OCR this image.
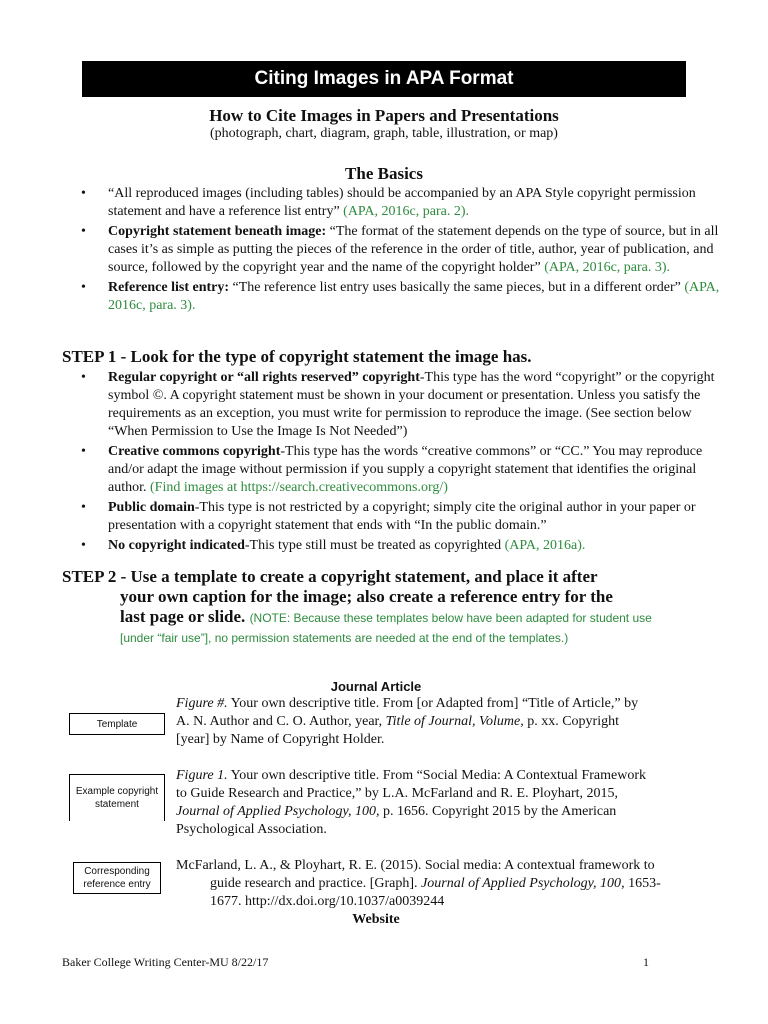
Citing Images in APA Format
How to Cite Images in Papers and Presentations
(photograph, chart, diagram, graph, table, illustration, or map)
The Basics
• “All reproduced images (including tables) should be accompanied by an APA Style copyright permission statement and have a reference list entry” (APA, 2016c, para. 2).
• Copyright statement beneath image: “The format of the statement depends on the type of source, but in all cases it’s as simple as putting the pieces of the reference in the order of title, author, year of publication, and source, followed by the copyright year and the name of the copyright holder” (APA, 2016c, para. 3).
• Reference list entry: “The reference list entry uses basically the same pieces, but in a different order” (APA, 2016c, para. 3).
STEP 1 - Look for the type of copyright statement the image has.
• Regular copyright or “all rights reserved” copyright-This type has the word “copyright” or the copyright symbol ©. A copyright statement must be shown in your document or presentation. Unless you satisfy the requirements as an exception, you must write for permission to reproduce the image. (See section below “When Permission to Use the Image Is Not Needed”)
• Creative commons copyright-This type has the words “creative commons” or “CC.” You may reproduce and/or adapt the image without permission if you supply a copyright statement that identifies the original author. (Find images at https://search.creativecommons.org/)
• Public domain-This type is not restricted by a copyright; simply cite the original author in your paper or presentation with a copyright statement that ends with “In the public domain.”
• No copyright indicated-This type still must be treated as copyrighted (APA, 2016a).
STEP 2 - Use a template to create a copyright statement, and place it after
your own caption for the image; also create a reference entry for the
last page or slide. (NOTE: Because these templates below have been adapted for student use [under “fair use”], no permission statements are needed at the end of the templates.)
Journal Article
Template
Figure #. Your own descriptive title. From [or Adapted from] “Title of Article,” by A. N. Author and C. O. Author, year, Title of Journal, Volume, p. xx. Copyright [year] by Name of Copyright Holder.
Example copyright statement
Figure 1. Your own descriptive title. From “Social Media: A Contextual Framework to Guide Research and Practice,” by L.A. McFarland and R. E. Ployhart, 2015, Journal of Applied Psychology, 100, p. 1656. Copyright 2015 by the American Psychological Association.
Corresponding reference entry
McFarland, L. A., & Ployhart, R. E. (2015). Social media: A contextual framework to guide research and practice. [Graph]. Journal of Applied Psychology, 100, 1653-1677. http://dx.doi.org/10.1037/a0039244
Website
Baker College Writing Center-MU 8/22/17	1
